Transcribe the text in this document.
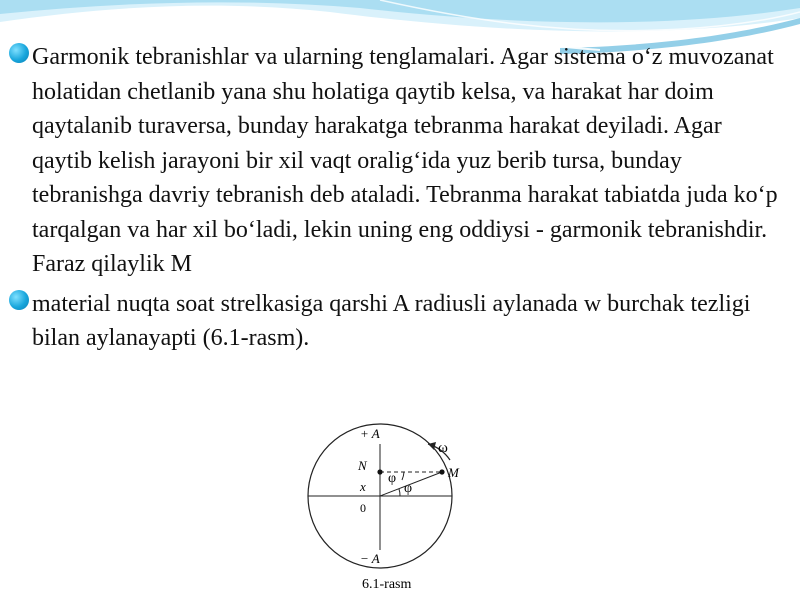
Garmonik tebranishlar va ularning tenglamalari. Agar sistema o‘z muvozanat holatidan chetlanib yana shu holatiga qaytib kelsa, va harakat har doim qaytalanib turaversa, bunday harakatga tebranma harakat deyiladi. Agar qaytib kelish jarayoni bir xil vaqt oralig‘ida yuz berib tursa, bunday tebranishga davriy tebranish deb ataladi. Tebranma harakat tabiatda juda ko‘p tarqalgan va har xil bo‘ladi, lekin uning eng oddiysi - garmonik tebranishdir. Faraz qilaylik M
material nuqta soat strelkasiga qarshi A radiusli aylanada w burchak tezligi bilan aylanayapti (6.1-rasm).
+ A
N
x
0
M
ω
φ
φ
− A
6.1-rasm
